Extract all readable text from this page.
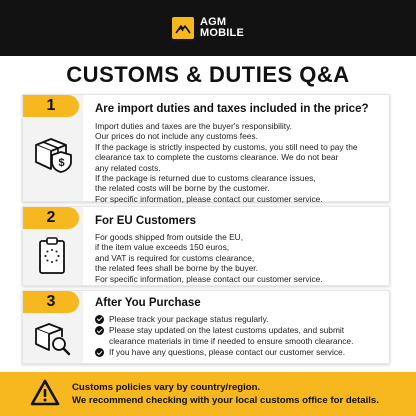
AGM
MOBILE
CUSTOMS & DUTIES Q&A
1
$
Are import duties and taxes included in the price?
Import duties and taxes are the buyer's responsibility.
Our prices do not include any customs fees.
If the package is strictly inspected by customs, you still need to pay the
clearance tax to complete the customs clearance. We do not bear
any related costs.
If the package is returned due to customs clearance issues,
the related costs will be borne by the customer.
For specific information, please contact our customer service.
2	For EU Customers
For goods shipped from outside the EU,
if the item value exceeds 150 euros,
and VAT is required for customs clearance,
the related fees shall be borne by the buyer.
For specific information, please contact our customer service.
3	After You Purchase
Please track your package status regularly.
Please stay updated on the latest customs updates, and submit
clearance materials in time if needed to ensure smooth clearance.
If you have any questions, please contact our customer service.
Customs policies vary by country/region.
We recommend checking with your local customs office for details.
